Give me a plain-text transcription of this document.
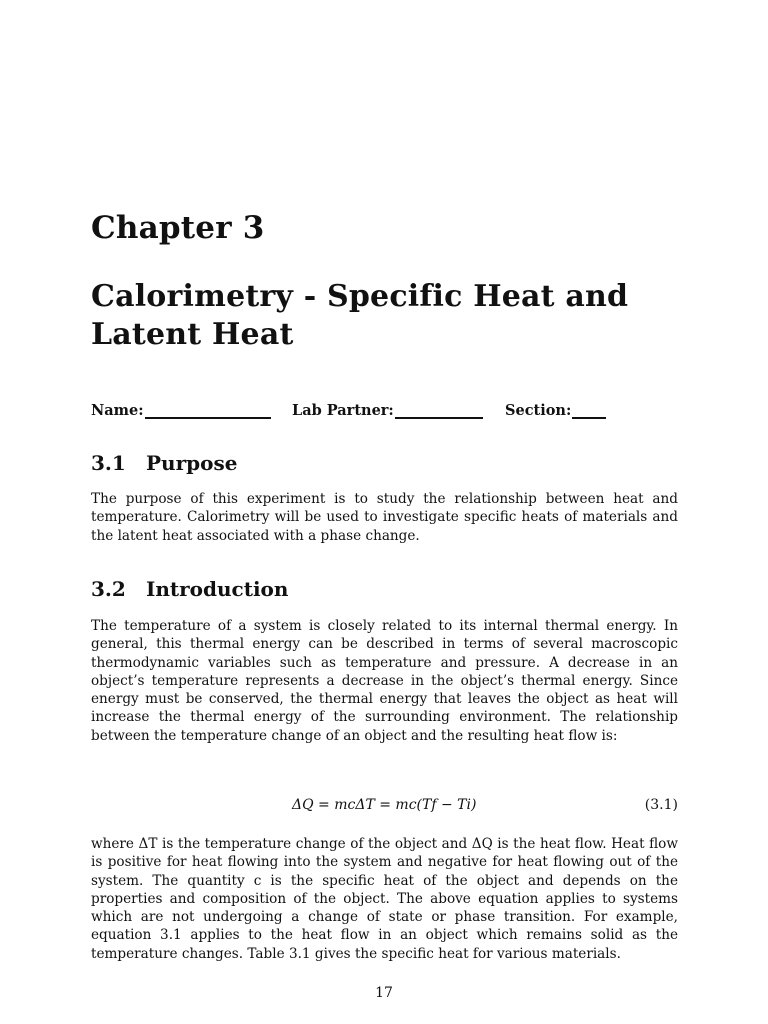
Chapter 3
Calorimetry - Specific Heat and Latent Heat
Name:	Lab Partner:	Section:
3.1 Purpose

The purpose of this experiment is to study the relationship between heat and temperature. Calorimetry will be used to investigate specific heats of materials and the latent heat associated with a phase change.

3.2 Introduction

The temperature of a system is closely related to its internal thermal energy. In general, this thermal energy can be described in terms of several macroscopic thermodynamic variables such as temperature and pressure. A decrease in an object’s temperature represents a decrease in the object’s thermal energy. Since energy must be conserved, the thermal energy that leaves the object as heat will increase the thermal energy of the surrounding environment. The relationship between the temperature change of an object and the resulting heat flow is:

ΔQ = mcΔT = mc(Tf − Ti)	(3.1)

where ΔT is the temperature change of the object and ΔQ is the heat flow. Heat flow is positive for heat flowing into the system and negative for heat flowing out of the system. The quantity c is the specific heat of the object and depends on the properties and composition of the object. The above equation applies to systems which are not undergoing a change of state or phase transition. For example, equation 3.1 applies to the heat flow in an object which remains solid as the temperature changes. Table 3.1 gives the specific heat for various materials.

17
